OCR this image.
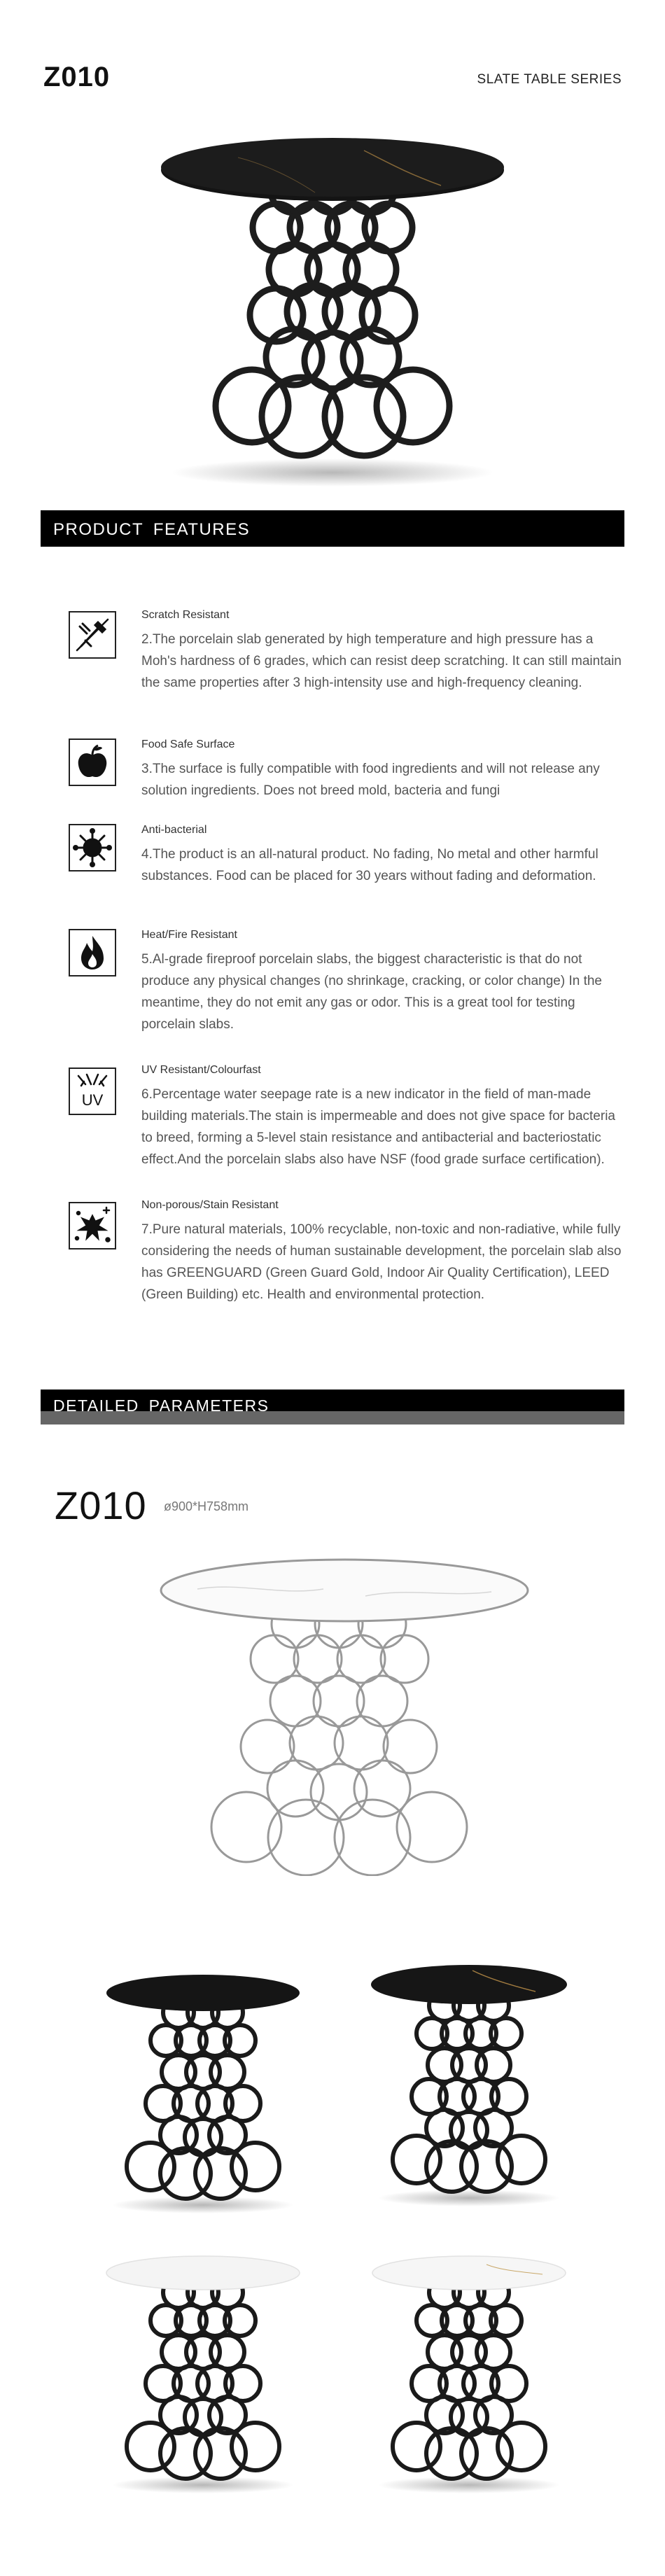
Z010	SLATE TABLE SERIES
PRODUCT FEATURES
Scratch Resistant
2.The porcelain slab generated by high temperature and high pressure has a Moh's hardness of 6 grades, which can resist deep scratching. It can still maintain the same properties after 3 high-intensity use and high-frequency cleaning.
Food Safe Surface
3.The surface is fully compatible with food ingredients and will not release any solution ingredients. Does not breed mold, bacteria and fungi
Anti-bacterial
4.The product is an all-natural product. No fading, No metal and other harmful substances. Food can be placed for 30 years without fading and deformation.
Heat/Fire Resistant
5.Al-grade fireproof porcelain slabs, the biggest characteristic is that do not produce any physical changes (no shrinkage, cracking, or color change) In the meantime, they do not emit any gas or odor. This is a great tool for testing porcelain slabs.
UV
UV Resistant/Colourfast
6.Percentage water seepage rate is a new indicator in the field of man-made building materials.The stain is impermeable and does not give space for bacteria to breed, forming a 5-level stain resistance and antibacterial and bacteriostatic effect.And the porcelain slabs also have NSF (food grade surface certification).
Non-porous/Stain Resistant
7.Pure natural materials, 100% recyclable, non-toxic and non-radiative, while fully considering the needs of human sustainable development, the porcelain slab also has GREENGUARD (Green Guard Gold, Indoor Air Quality Certification), LEED (Green Building) etc. Health and environmental protection.
DETAILED PARAMETERS
Z010 ø900*H758mm
